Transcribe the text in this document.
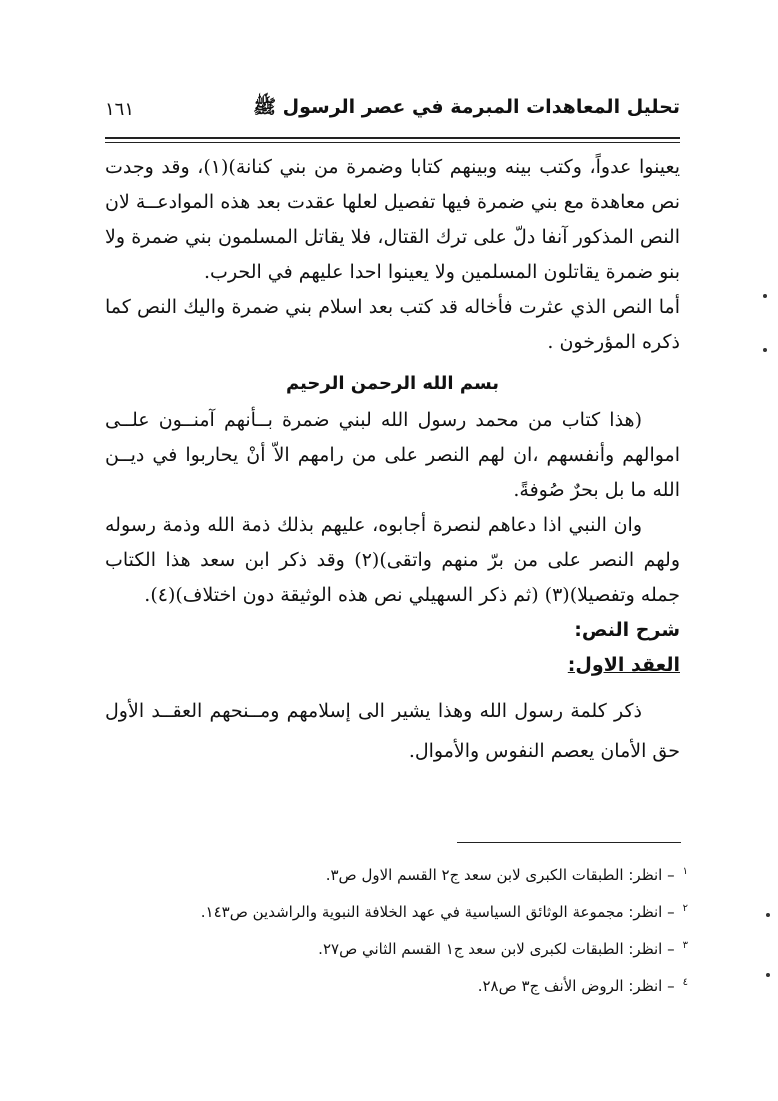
١٦١	تحليل المعاهدات المبرمة في عصر الرسول ﷺ

يعينوا عدواً، وكتب بينه وبينهم كتابا وضمرة من بني كنانة)(١)، وقد وجدت نص معاهدة مع بني ضمرة فيها تفصيل لعلها عقدت بعد هذه الموادعــة لان النص المذكور آنفا دلّ على ترك القتال، فلا يقاتل المسلمون بني ضمرة ولا بنو ضمرة يقاتلون المسلمين ولا يعينوا احدا عليهم في الحرب.

أما النص الذي عثرت فأخاله قد كتب بعد اسلام بني ضمرة واليك النص كما ذكره المؤرخون .

بسم الله الرحمن الرحيم

(هذا كتاب من محمد رسول الله لبني ضمرة بــأنهم آمنــون علــى اموالهم وأنفسهم ،ان لهم النصر على من رامهم الاّ أنْ يحاربوا في ديــن الله ما بل بحرٌ صُوفةً.

وان النبي اذا دعاهم لنصرة أجابوه، عليهم بذلك ذمة الله وذمة رسوله ولهم النصر على من برّ منهم واتقى)(٢) وقد ذكر ابن سعد هذا الكتاب جمله وتفصيلا)(٣) (ثم ذكر السهيلي نص هذه الوثيقة دون اختلاف)(٤).

شرح النص:

العقد الاول:

ذكر كلمة رسول الله وهذا يشير الى إسلامهم ومــنحهم العقــد الأول حق الأمان يعصم النفوس والأموال.

$^١$– انظر: الطبقات الكبرى لابن سعد ج٢ القسم الاول ص٣.
$^٢$– انظر: مجموعة الوثائق السياسية في عهد الخلافة النبوية والراشدين ص١٤٣.
$^٣$– انظر: الطبقات لكبرى لابن سعد ج١ القسم الثاني ص٢٧.
$^٤$– انظر: الروض الأنف ج٣ ص٢٨.
